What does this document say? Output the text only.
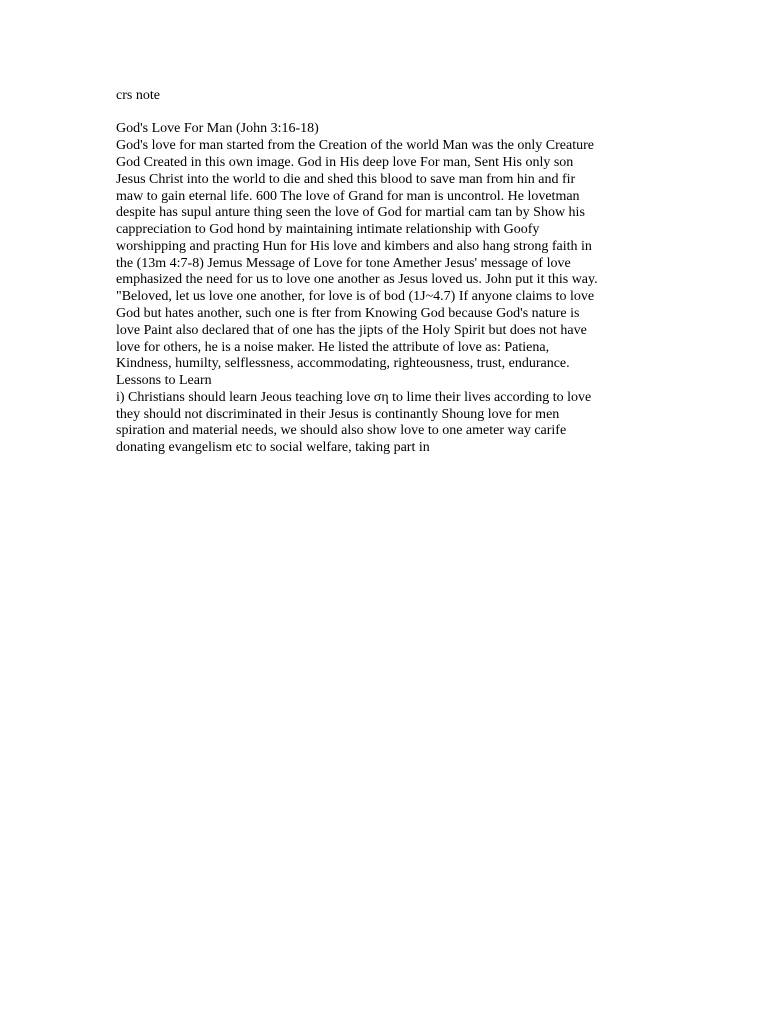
crs note
God's Love For Man (John 3:16-18)
God's love for man started from the Creation of the world Man was the only Creature
God Created in this own image. God in His deep love For man, Sent His only son
Jesus Christ into the world to die and shed this blood to save man from hin and fir
maw to gain eternal life. 600 The love of Grand for man is uncontrol. He lovetman
despite has supul anture thing seen the love of God for martial cam tan by Show his
cappreciation to God hond by maintaining intimate relationship with Goofy
worshipping and practing Hun for His love and kimbers and also hang strong faith in
the (13m 4:7-8) Jemus Message of Love for tone Amether Jesus' message of love
emphasized the need for us to love one another as Jesus loved us. John put it this way.
"Beloved, let us love one another, for love is of bod (1J~4.7) If anyone claims to love
God but hates another, such one is fter from Knowing God because God's nature is
love Paint also declared that of one has the jipts of the Holy Spirit but does not have
love for others, he is a noise maker. He listed the attribute of love as: Patiena,
Kindness, humilty, selflessness, accommodating, righteousness, trust, endurance.
Lessons to Learn
i) Christians should learn Jeous teaching love ση to lime their lives according to love
they should not discriminated in their Jesus is continantly Shoung love for men
spiration and material needs, we should also show love to one ameter way carife
donating evangelism etc to social welfare, taking part in
